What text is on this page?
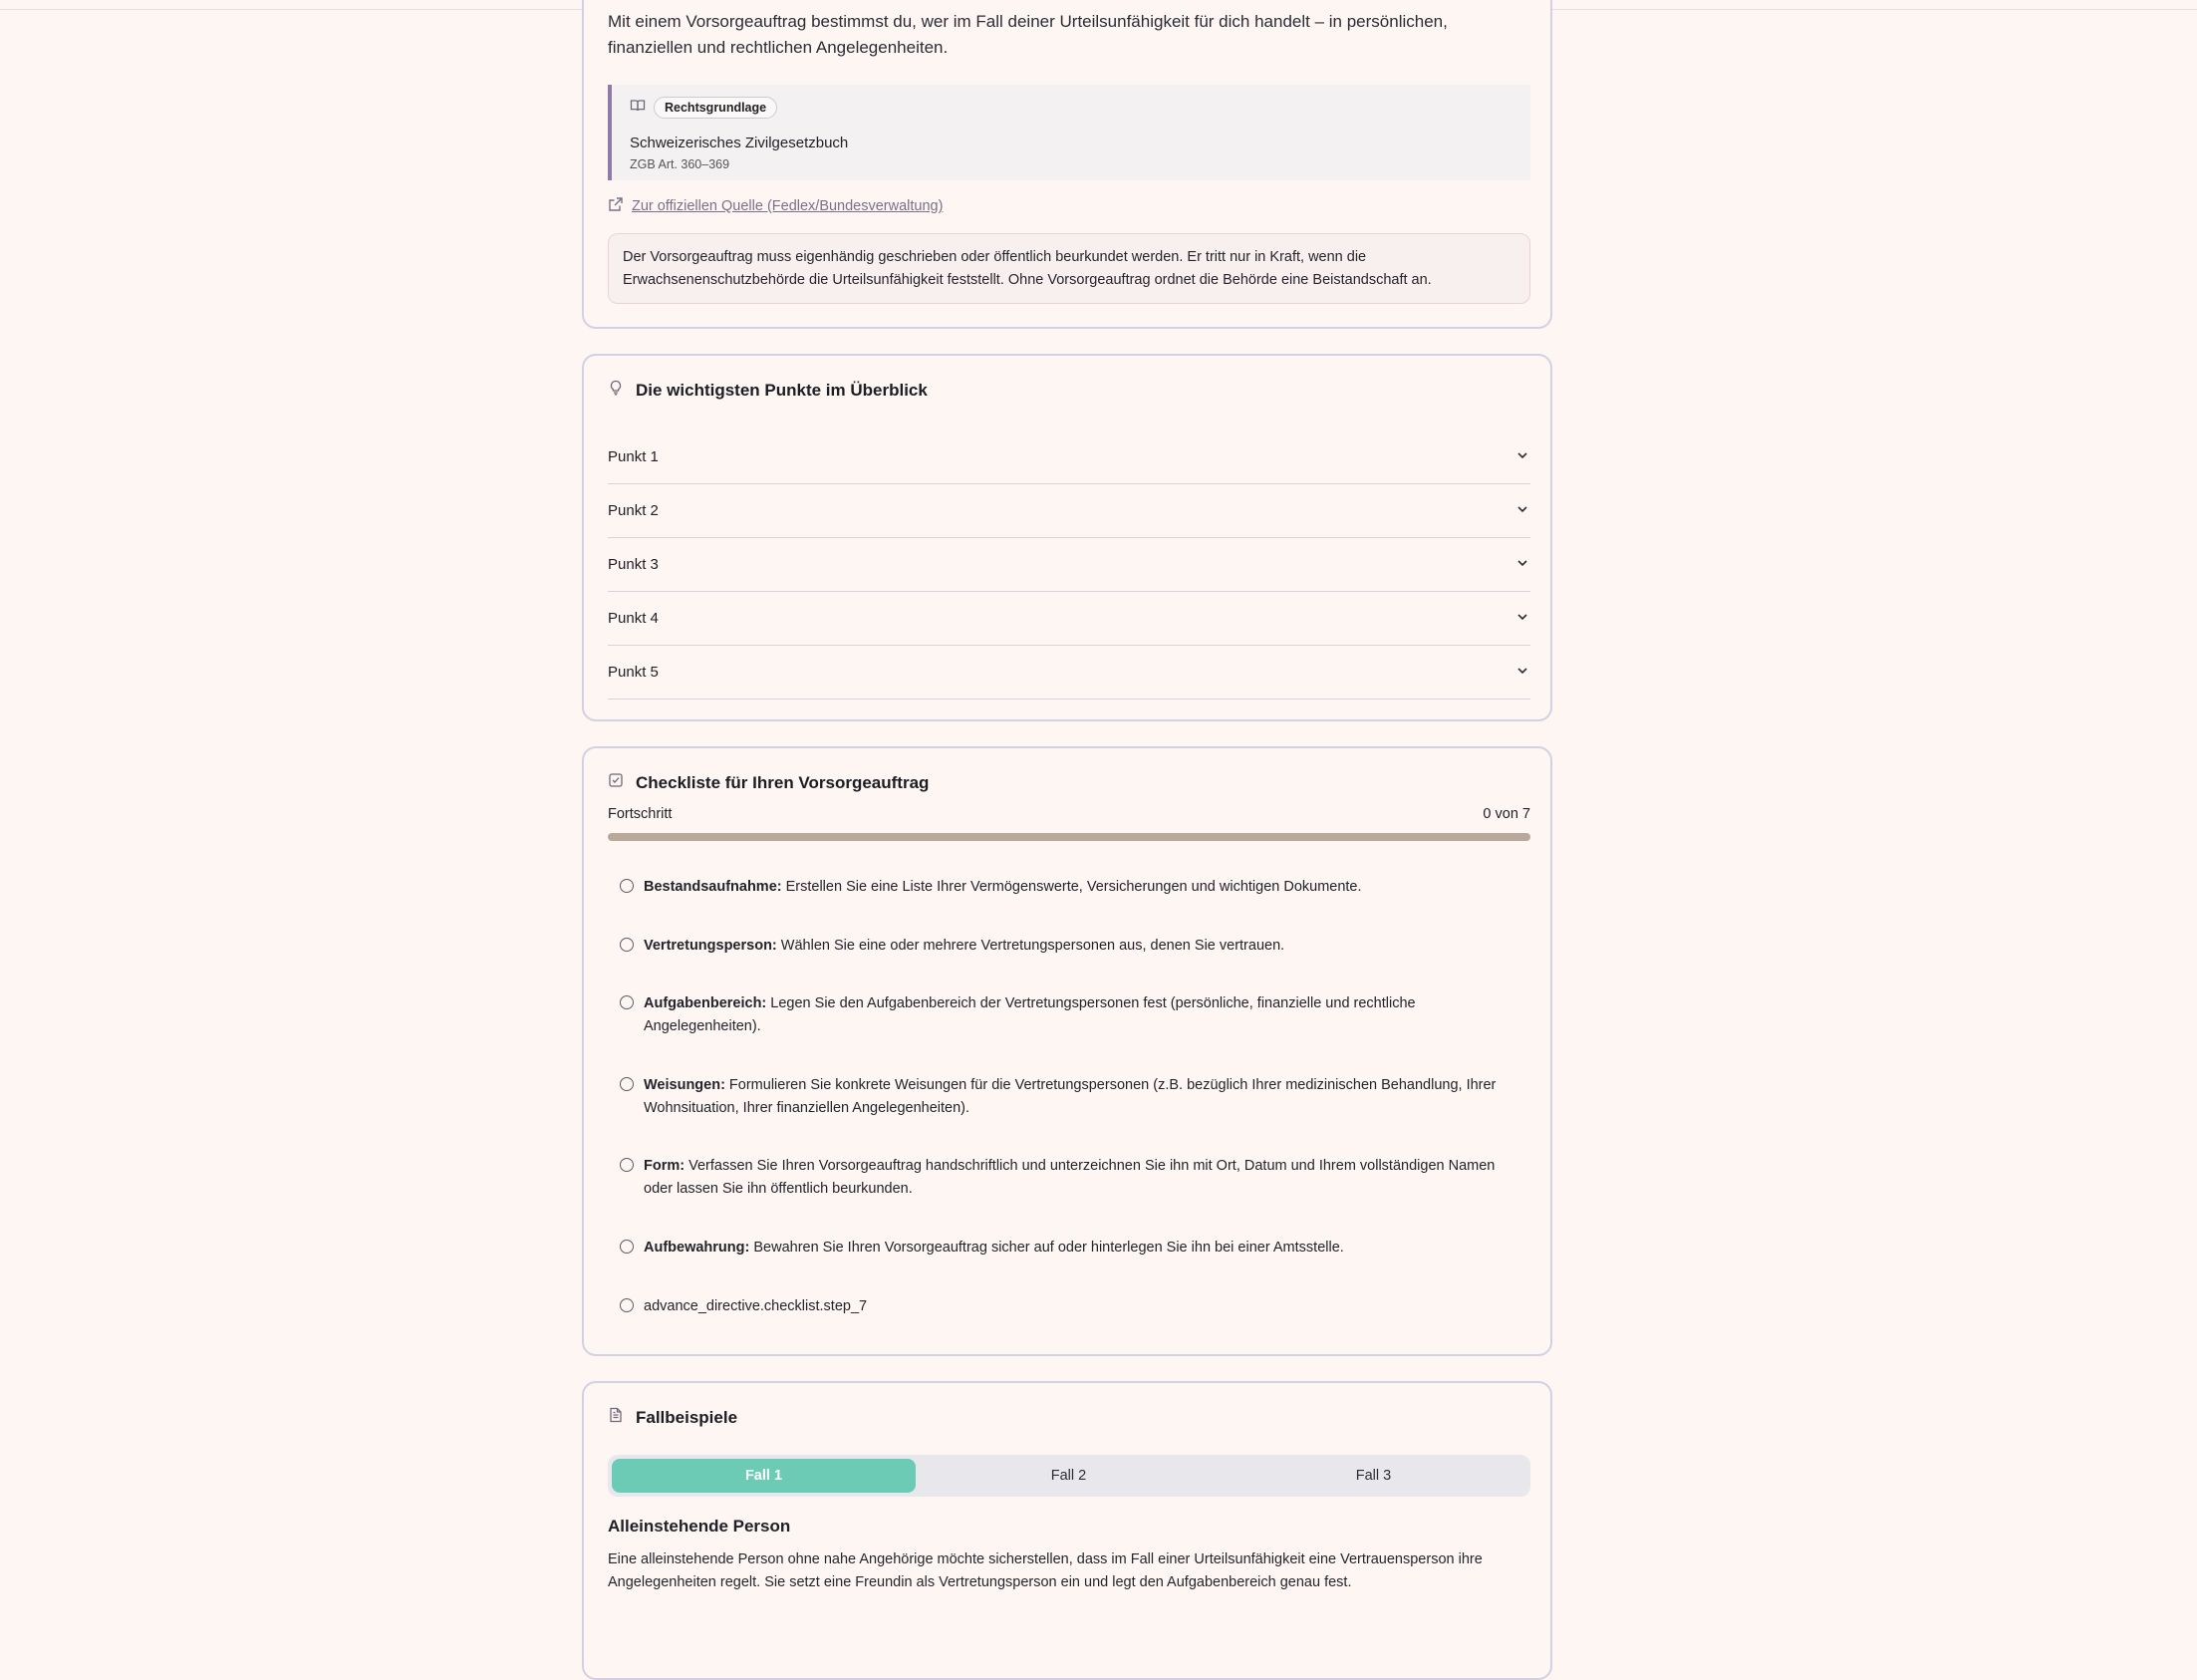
Mit einem Vorsorgeauftrag bestimmst du, wer im Fall deiner Urteilsunfähigkeit für dich handelt – in persönlichen, finanziellen und rechtlichen Angelegenheiten.
Rechtsgrundlage
Schweizerisches Zivilgesetzbuch
ZGB Art. 360–369
Zur offiziellen Quelle (Fedlex/Bundesverwaltung)
Der Vorsorgeauftrag muss eigenhändig geschrieben oder öffentlich beurkundet werden. Er tritt nur in Kraft, wenn die Erwachsenenschutzbehörde die Urteilsunfähigkeit feststellt. Ohne Vorsorgeauftrag ordnet die Behörde eine Beistandschaft an.
Die wichtigsten Punkte im Überblick
Punkt 1
Punkt 2
Punkt 3
Punkt 4
Punkt 5
Checkliste für Ihren Vorsorgeauftrag
Fortschritt	0 von 7
Bestandsaufnahme: Erstellen Sie eine Liste Ihrer Vermögenswerte, Versicherungen und wichtigen Dokumente.
Vertretungsperson: Wählen Sie eine oder mehrere Vertretungspersonen aus, denen Sie vertrauen.
Aufgabenbereich: Legen Sie den Aufgabenbereich der Vertretungspersonen fest (persönliche, finanzielle und rechtliche Angelegenheiten).
Weisungen: Formulieren Sie konkrete Weisungen für die Vertretungspersonen (z.B. bezüglich Ihrer medizinischen Behandlung, Ihrer Wohnsituation, Ihrer finanziellen Angelegenheiten).
Form: Verfassen Sie Ihren Vorsorgeauftrag handschriftlich und unterzeichnen Sie ihn mit Ort, Datum und Ihrem vollständigen Namen oder lassen Sie ihn öffentlich beurkunden.
Aufbewahrung: Bewahren Sie Ihren Vorsorgeauftrag sicher auf oder hinterlegen Sie ihn bei einer Amtsstelle.
advance_directive.checklist.step_7
Fallbeispiele
Fall 1	Fall 2	Fall 3
Alleinstehende Person
Eine alleinstehende Person ohne nahe Angehörige möchte sicherstellen, dass im Fall einer Urteilsunfähigkeit eine Vertrauensperson ihre Angelegenheiten regelt. Sie setzt eine Freundin als Vertretungsperson ein und legt den Aufgabenbereich genau fest.
